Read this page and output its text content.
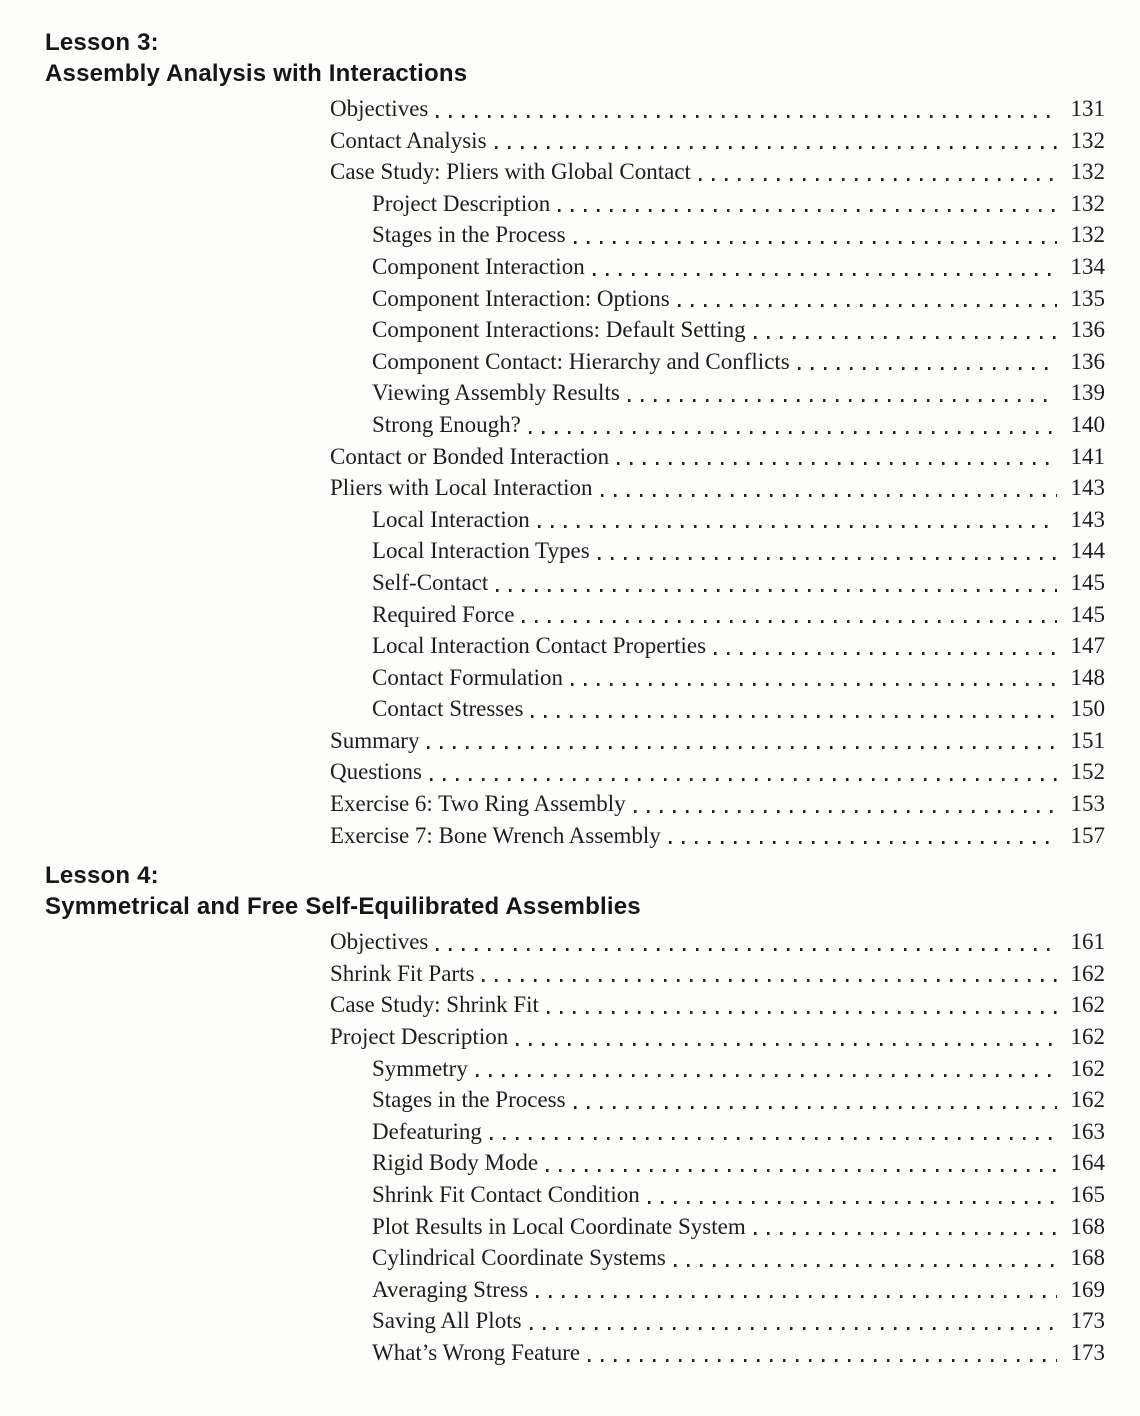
Lesson 3:
Assembly Analysis with Interactions
Objectives	131
Contact Analysis	132
Case Study: Pliers with Global Contact	132
Project Description	132
Stages in the Process	132
Component Interaction	134
Component Interaction: Options	135
Component Interactions: Default Setting	136
Component Contact: Hierarchy and Conflicts	136
Viewing Assembly Results	139
Strong Enough?	140
Contact or Bonded Interaction	141
Pliers with Local Interaction	143
Local Interaction	143
Local Interaction Types	144
Self-Contact	145
Required Force	145
Local Interaction Contact Properties	147
Contact Formulation	148
Contact Stresses	150
Summary	151
Questions	152
Exercise 6: Two Ring Assembly	153
Exercise 7: Bone Wrench Assembly	157
Lesson 4:
Symmetrical and Free Self-Equilibrated Assemblies
Objectives	161
Shrink Fit Parts	162
Case Study: Shrink Fit	162
Project Description	162
Symmetry	162
Stages in the Process	162
Defeaturing	163
Rigid Body Mode	164
Shrink Fit Contact Condition	165
Plot Results in Local Coordinate System	168
Cylindrical Coordinate Systems	168
Averaging Stress	169
Saving All Plots	173
What’s Wrong Feature	173
